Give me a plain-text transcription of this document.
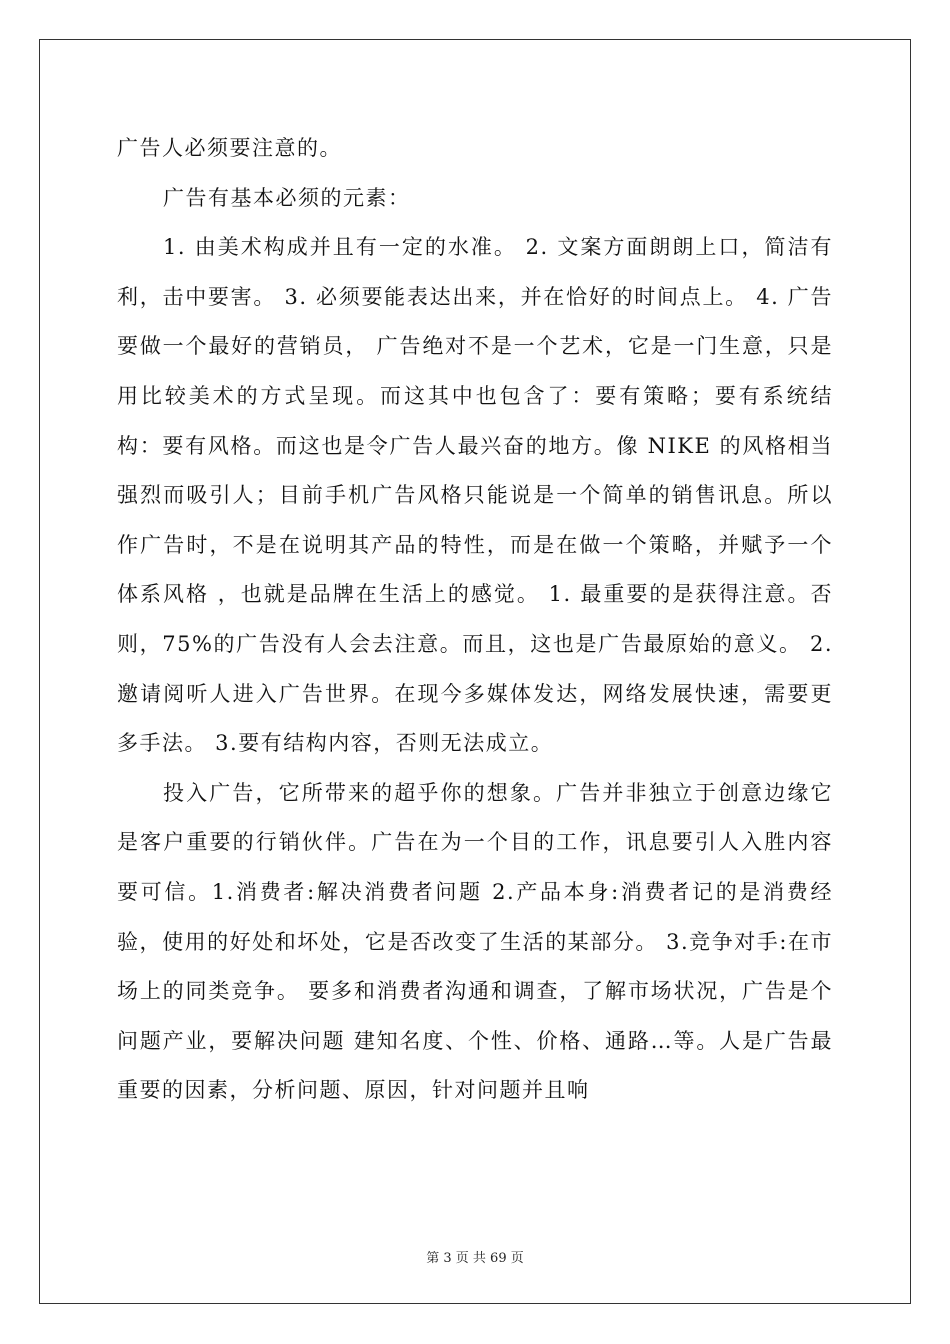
广告人必须要注意的。

广告有基本必须的元素：

1. 由美术构成并且有一定的水准。 2. 文案方面朗朗上口，简洁有利，击中要害。 3. 必须要能表达出来，并在恰好的时间点上。 4. 广告要做一个最好的营销员， 广告绝对不是一个艺术，它是一门生意，只是用比较美术的方式呈现。而这其中也包含了：要有策略；要有系统结构：要有风格。而这也是令广告人最兴奋的地方。像 NIKE 的风格相当强烈而吸引人；目前手机广告风格只能说是一个简单的销售讯息。所以作广告时，不是在说明其产品的特性，而是在做一个策略，并赋予一个体系风格 ，也就是品牌在生活上的感觉。 1. 最重要的是获得注意。否则，75%的广告没有人会去注意。而且，这也是广告最原始的意义。 2.邀请阅听人进入广告世界。在现今多媒体发达，网络发展快速，需要更多手法。 3.要有结构内容，否则无法成立。

投入广告，它所带来的超乎你的想象。广告并非独立于创意边缘它是客户重要的行销伙伴。广告在为一个目的工作，讯息要引人入胜内容要可信。1.消费者:解决消费者问题 2.产品本身:消费者记的是消费经验，使用的好处和坏处，它是否改变了生活的某部分。 3.竞争对手:在市场上的同类竞争。 要多和消费者沟通和调查，了解市场状况，广告是个问题产业，要解决问题 建知名度、个性、价格、通路…等。人是广告最重要的因素，分析问题、原因，针对问题并且响

第 3 页 共 69 页
